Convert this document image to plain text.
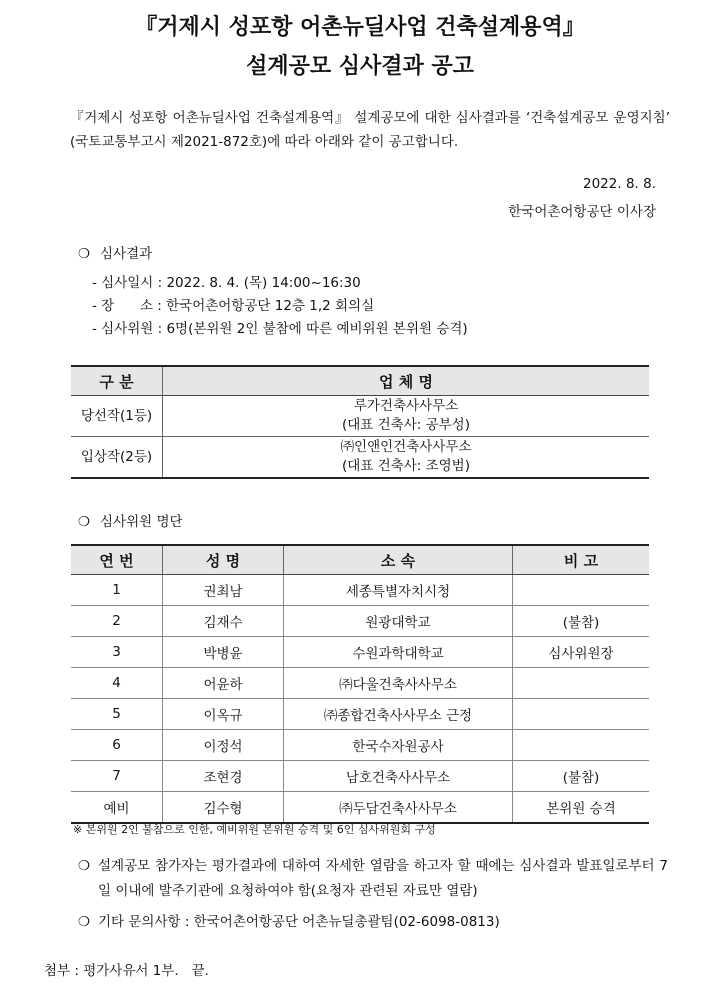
『거제시 성포항 어촌뉴딜사업 건축설계용역』
설계공모 심사결과 공고
『거제시 성포항 어촌뉴딜사업 건축설계용역』 설계공모에 대한 심사결과를 ‘건축설계공모 운영지침’ (국토교통부고시 제2021-872호)에 따라 아래와 같이 공고합니다.
2022. 8. 8.
한국어촌어항공단 이사장
❍ 심사결과
- 심사일시 : 2022. 8. 4. (목) 14:00~16:30
- 장      소 : 한국어촌어항공단 12층 1,2 회의실
- 심사위원 : 6명(본위원 2인 불참에 따른 예비위원 본위원 승격)
구 분	업 체 명
당선작(1등)	루가건축사사무소
(대표 건축사: 공부성)

입상작(2등)	㈜인앤인건축사사무소
(대표 건축사: 조영범)
❍ 심사위원 명단
연 번	성 명	소 속	비 고
1	권최남	세종특별자치시청	
2	김재수	원광대학교	(불참)
3	박병윤	수원과학대학교	심사위원장
4	어윤하	㈜다울건축사사무소	
5	이옥규	㈜종합건축사사무소 근정	
6	이정석	한국수자원공사	
7	조현경	남호건축사사무소	(불참)
예비	김수형	㈜두담건축사사무소	본위원 승격
※ 본위원 2인 불참으로 인한, 예비위원 본위원 승격 및 6인 심사위원회 구성
❍ 설계공모 참가자는 평가결과에 대하여 자세한 열람을 하고자 할 때에는 심사결과 발표일로부터 7일 이내에 발주기관에 요청하여야 함(요청자 관련된 자료만 열람)
❍ 기타 문의사항 : 한국어촌어항공단 어촌뉴딜총괄팀(02-6098-0813)
첨부 : 평가사유서 1부.   끝.
